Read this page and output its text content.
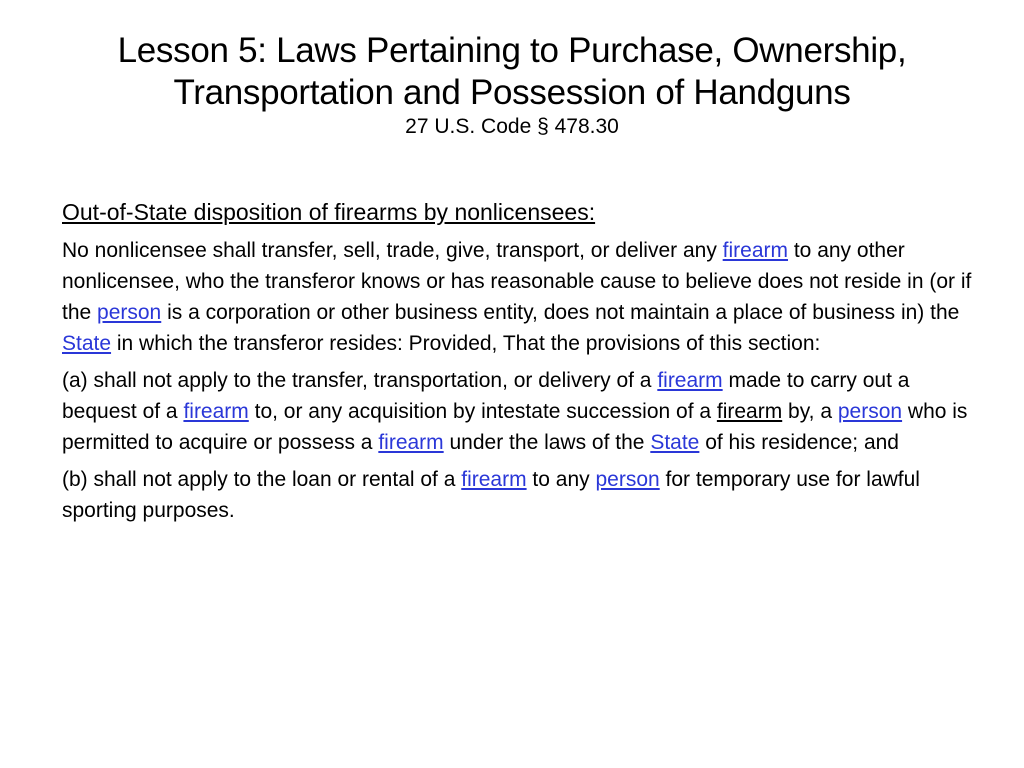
Lesson 5: Laws Pertaining to Purchase, Ownership,
Transportation and Possession of Handguns

27 U.S. Code § 478.30

Out-of-State disposition of firearms by nonlicensees:

No nonlicensee shall transfer, sell, trade, give, transport, or deliver any firearm to any other nonlicensee, who the transferor knows or has reasonable cause to believe does not reside in (or if the person is a corporation or other business entity, does not maintain a place of business in) the State in which the transferor resides: Provided, That the provisions of this section:

(a) shall not apply to the transfer, transportation, or delivery of a firearm made to carry out a bequest of a firearm to, or any acquisition by intestate succession of a firearm by, a person who is permitted to acquire or possess a firearm under the laws of the State of his residence; and

(b) shall not apply to the loan or rental of a firearm to any person for temporary use for lawful sporting purposes.
